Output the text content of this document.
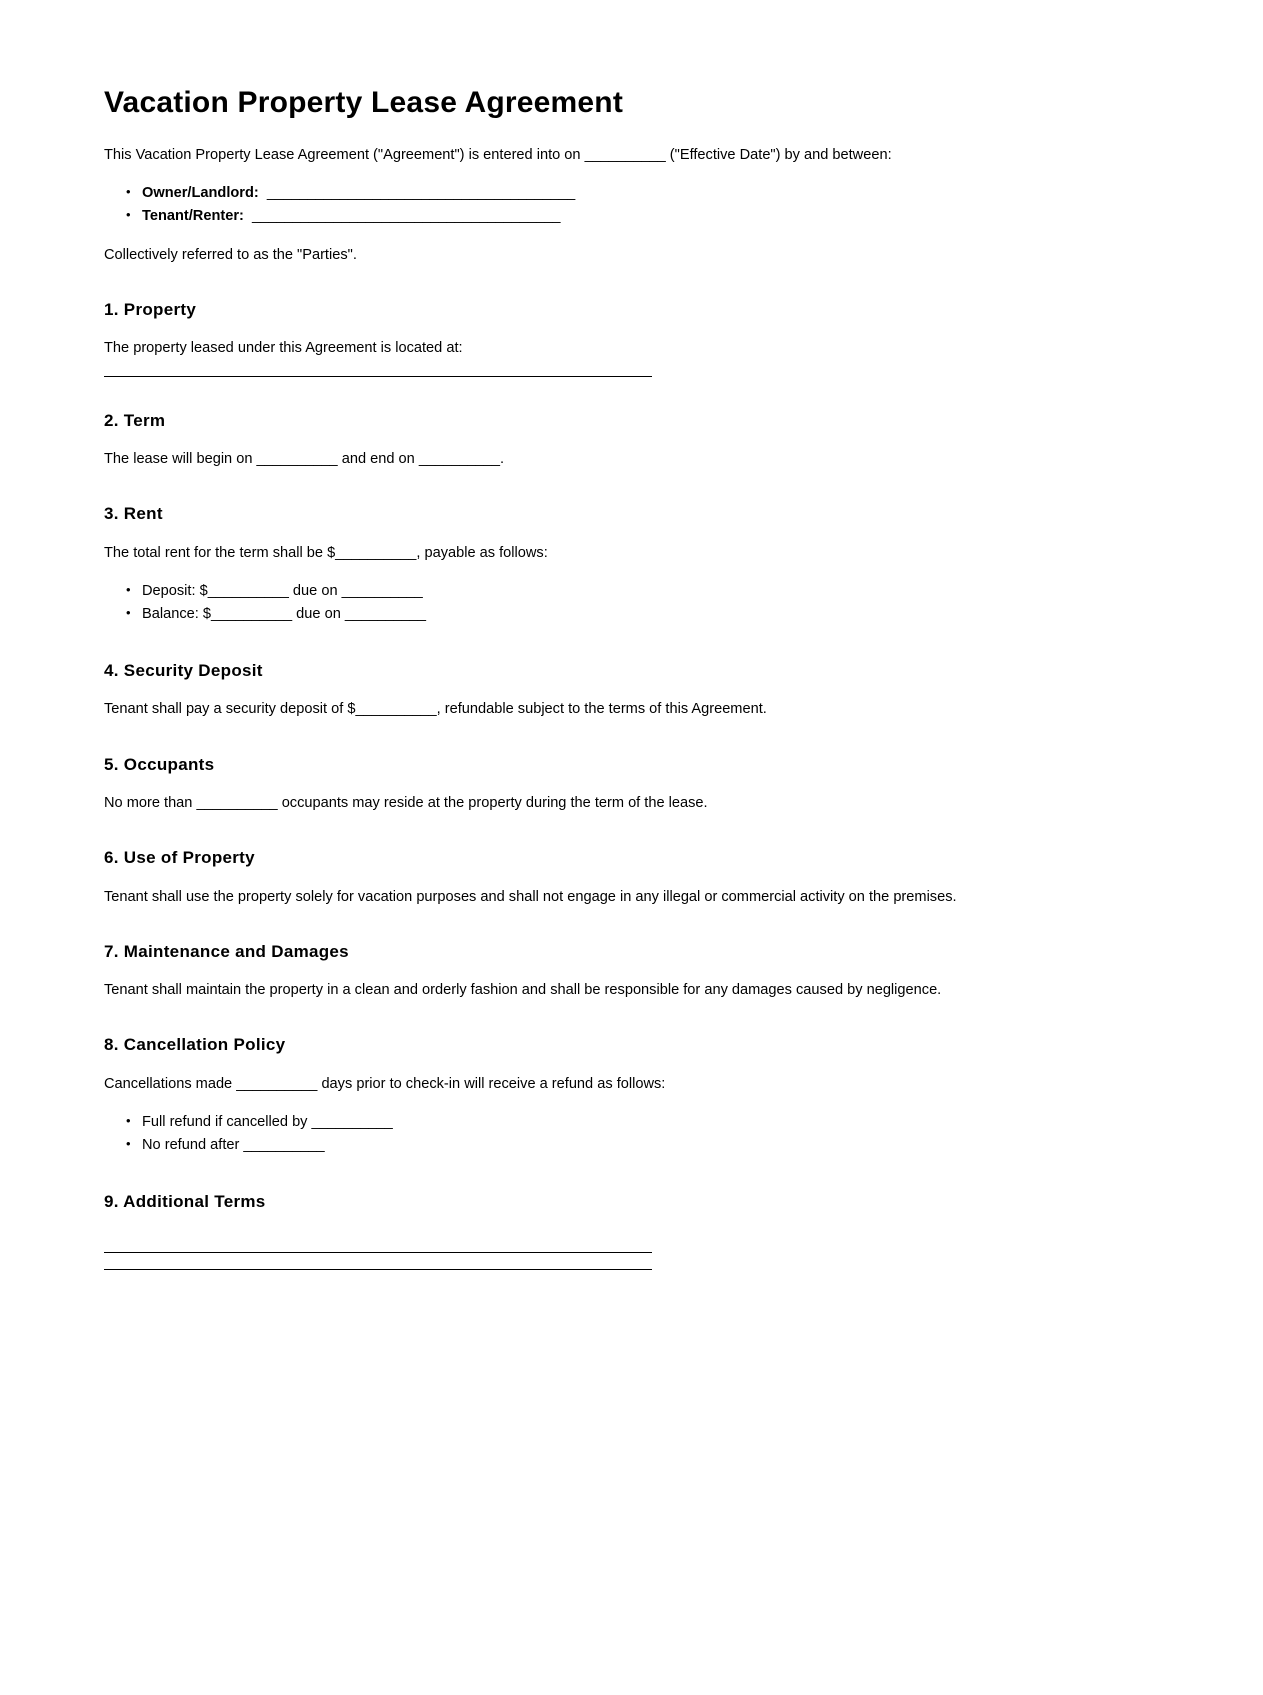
Vacation Property Lease Agreement

This Vacation Property Lease Agreement ("Agreement") is entered into on __________ ("Effective Date") by and between:

• Owner/Landlord:  ______________________________________
• Tenant/Renter:  ______________________________________

Collectively referred to as the "Parties".

1. Property

The property leased under this Agreement is located at:

2. Term

The lease will begin on __________ and end on __________.

3. Rent

The total rent for the term shall be $__________, payable as follows:

• Deposit: $__________ due on __________
• Balance: $__________ due on __________
4. Security Deposit

Tenant shall pay a security deposit of $__________, refundable subject to the terms of this Agreement.

5. Occupants

No more than __________ occupants may reside at the property during the term of the lease.

6. Use of Property

Tenant shall use the property solely for vacation purposes and shall not engage in any illegal or commercial activity on the premises.

7. Maintenance and Damages

Tenant shall maintain the property in a clean and orderly fashion and shall be responsible for any damages caused by negligence.

8. Cancellation Policy

Cancellations made __________ days prior to check-in will receive a refund as follows:

• Full refund if cancelled by __________
• No refund after __________
9. Additional Terms
